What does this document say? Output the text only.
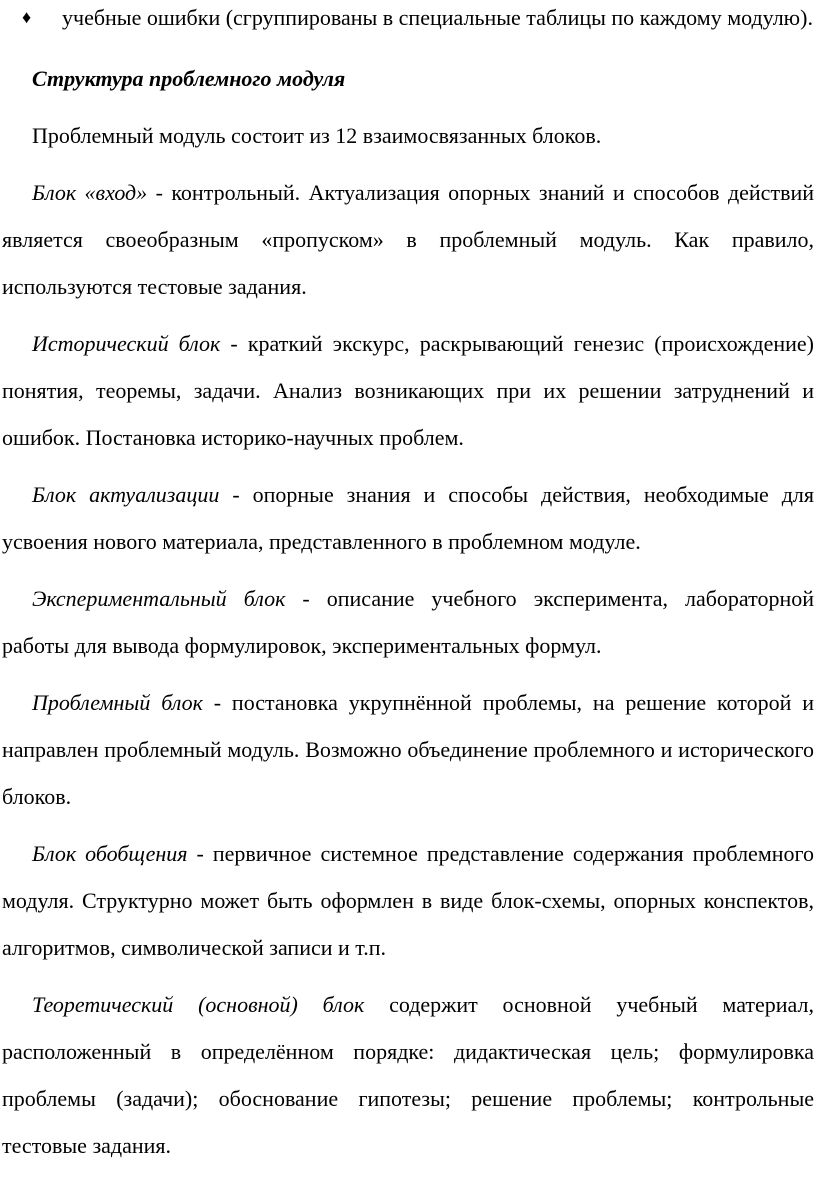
♦ учебные ошибки (сгруппированы в специальные таблицы по каждому модулю).
Структура проблемного модуля
Проблемный модуль состоит из 12 взаимосвязанных блоков.
Блок «вход» - контрольный. Актуализация опорных знаний и способов действий является своеобразным «пропуском» в проблемный модуль. Как правило, используются тестовые задания.
Исторический блок - краткий экскурс, раскрывающий генезис (происхождение) понятия, теоремы, задачи. Анализ возникающих при их решении затруднений и ошибок. Постановка историко-научных проблем.
Блок актуализации - опорные знания и способы действия, необходимые для усвоения нового материала, представленного в проблемном модуле.
Экспериментальный блок - описание учебного эксперимента, лабораторной работы для вывода формулировок, экспериментальных формул.
Проблемный блок - постановка укрупнённой проблемы, на решение которой и направлен проблемный модуль. Возможно объединение проблемного и исторического блоков.
Блок обобщения - первичное системное представление содержания проблемного модуля. Структурно может быть оформлен в виде блок-схемы, опорных конспектов, алгоритмов, символической записи и т.п.
Теоретический (основной) блок содержит основной учебный материал, расположенный в определённом порядке: дидактическая цель; формулировка проблемы (задачи); обоснование гипотезы; решение проблемы; контрольные тестовые задания.
